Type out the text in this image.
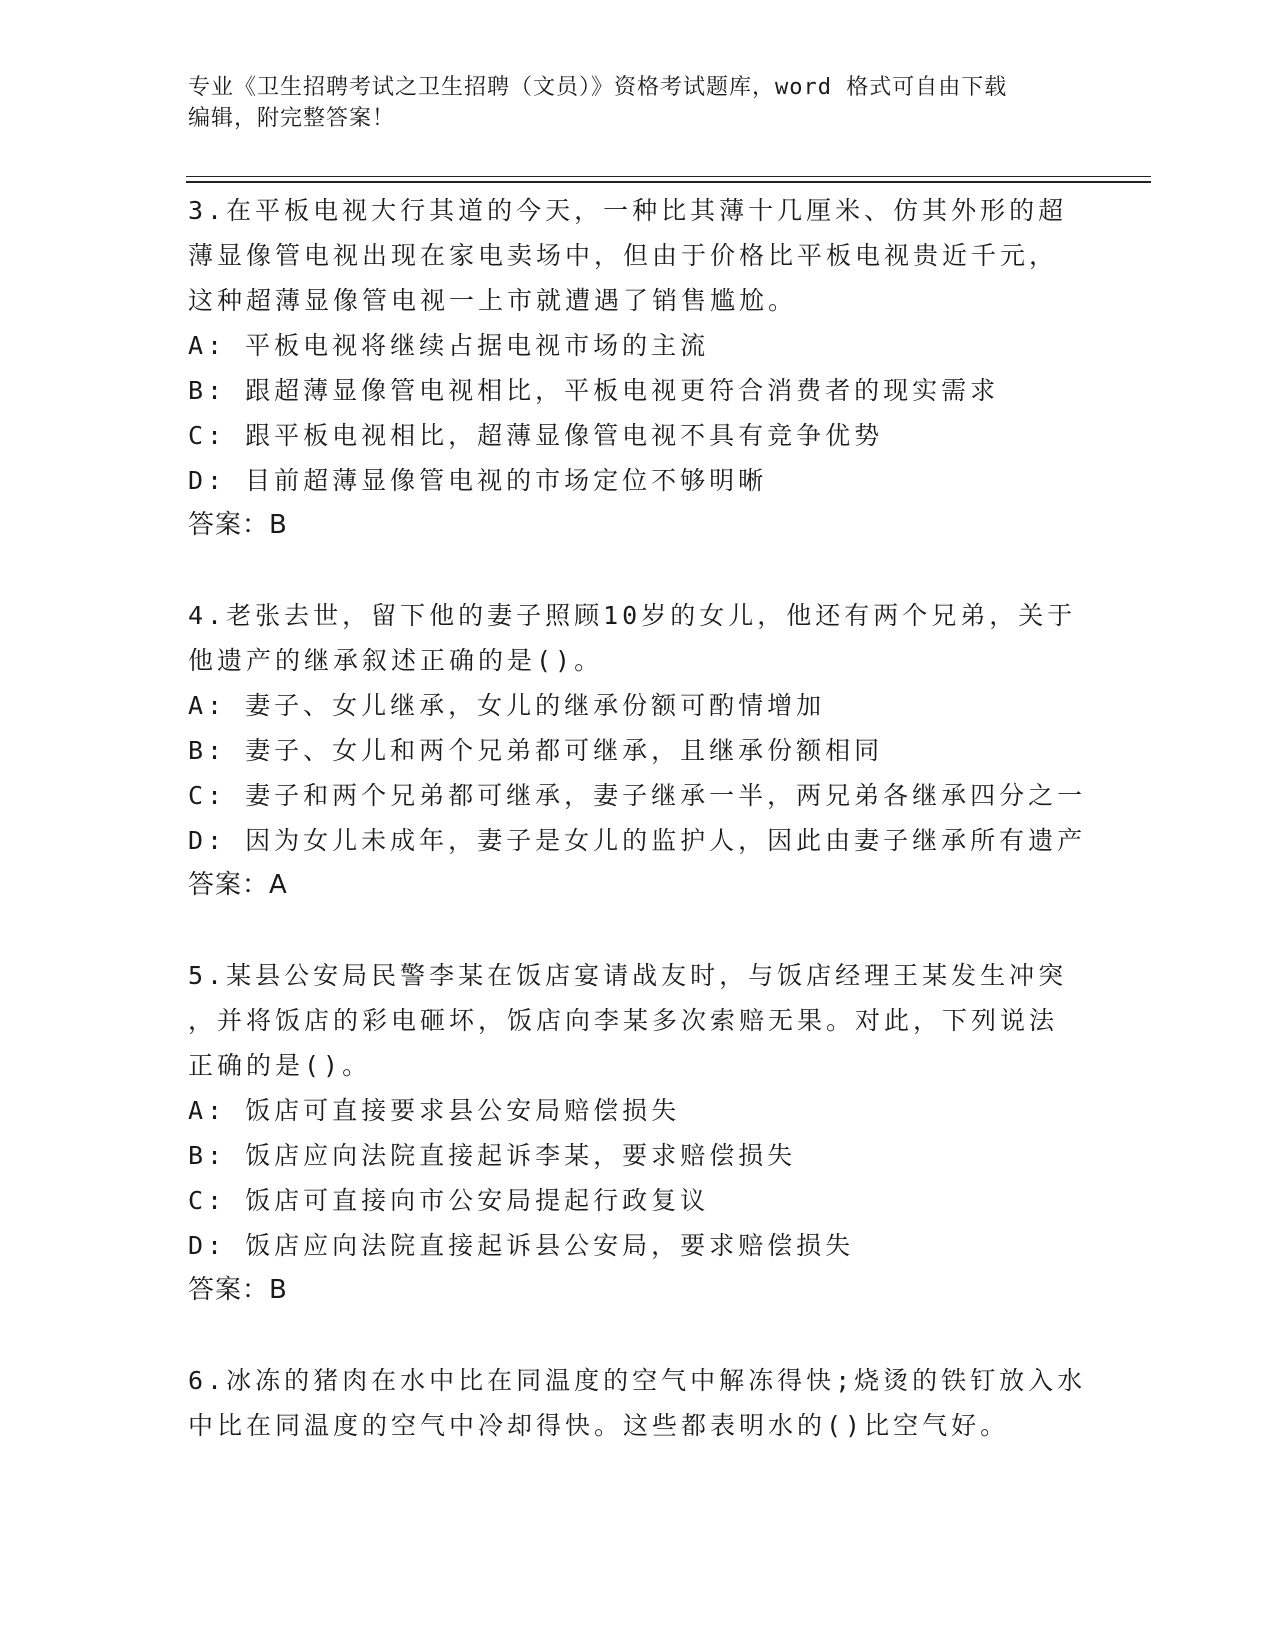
专业《卫生招聘考试之卫生招聘（文员）》资格考试题库，word 格式可自由下载
编辑，附完整答案！
3.在平板电视大行其道的今天，一种比其薄十几厘米、仿其外形的超
薄显像管电视出现在家电卖场中，但由于价格比平板电视贵近千元，
这种超薄显像管电视一上市就遭遇了销售尴尬。
A: 平板电视将继续占据电视市场的主流
B: 跟超薄显像管电视相比，平板电视更符合消费者的现实需求
C: 跟平板电视相比，超薄显像管电视不具有竞争优势
D: 目前超薄显像管电视的市场定位不够明晰
答案：B
4.老张去世，留下他的妻子照顾10岁的女儿，他还有两个兄弟，关于
他遗产的继承叙述正确的是()。
A: 妻子、女儿继承，女儿的继承份额可酌情增加
B: 妻子、女儿和两个兄弟都可继承，且继承份额相同
C: 妻子和两个兄弟都可继承，妻子继承一半，两兄弟各继承四分之一
D: 因为女儿未成年，妻子是女儿的监护人，因此由妻子继承所有遗产
答案：A
5.某县公安局民警李某在饭店宴请战友时，与饭店经理王某发生冲突
，并将饭店的彩电砸坏，饭店向李某多次索赔无果。对此，下列说法
正确的是()。
A: 饭店可直接要求县公安局赔偿损失
B: 饭店应向法院直接起诉李某，要求赔偿损失
C: 饭店可直接向市公安局提起行政复议
D: 饭店应向法院直接起诉县公安局，要求赔偿损失
答案：B
6.冰冻的猪肉在水中比在同温度的空气中解冻得快;烧烫的铁钉放入水
中比在同温度的空气中冷却得快。这些都表明水的()比空气好。
